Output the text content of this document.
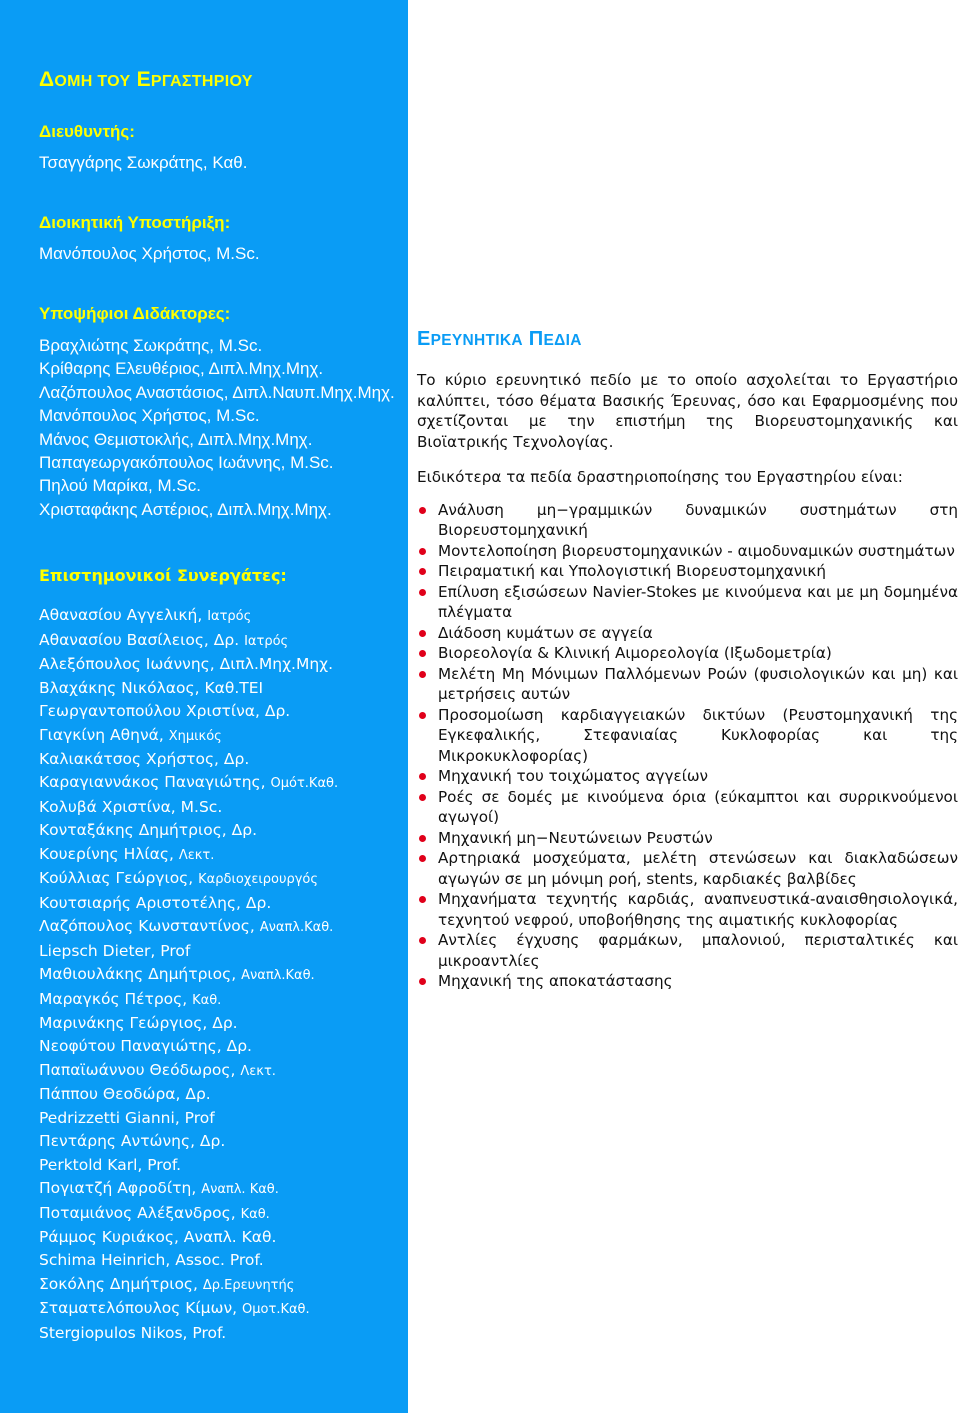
ΔΟΜΗ ΤΟΥ ΕΡΓΑΣΤΗΡΙΟΥ
Διευθυντής:
Τσαγγάρης Σωκράτης, Καθ.
Διοικητική Υποστήριξη:
Μανόπουλος Χρήστος, M.Sc.
Υποψήφιοι Διδάκτορες:
Βραχλιώτης Σωκράτης, M.Sc.
Κρίθαρης Ελευθέριος, Διπλ.Μηχ.Μηχ.
Λαζόπουλος Αναστάσιος, Διπλ.Ναυπ.Μηχ.Μηχ.
Μανόπουλος Χρήστος, M.Sc.
Μάνος Θεμιστοκλής, Διπλ.Μηχ.Μηχ.
Παπαγεωργακόπουλος Ιωάννης, M.Sc.
Πηλού Μαρίκα, M.Sc.
Χρισταφάκης Αστέριος, Διπλ.Μηχ.Μηχ.
Επιστημονικοί Συνεργάτες:
Αθανασίου Αγγελική, Ιατρός
Αθανασίου Βασίλειος, Δρ. Ιατρός
Αλεξόπουλος Ιωάννης, Διπλ.Μηχ.Μηχ.
Βλαχάκης Νικόλαος, Καθ.ΤΕΙ
Γεωργαντοπούλου Χριστίνα, Δρ.
Γιαγκίνη Αθηνά, Χημικός
Καλιακάτσος Χρήστος, Δρ.
Καραγιαννάκος Παναγιώτης, Ομότ.Καθ.
Κολυβά Χριστίνα, M.Sc.
Κονταξάκης Δημήτριος, Δρ.
Κουερίνης Ηλίας, Λεκτ.
Κούλλιας Γεώργιος, Καρδιοχειρουργός
Κουτσιαρής Αριστοτέλης, Δρ.
Λαζόπουλος Κωνσταντίνος, Αναπλ.Καθ.
Liepsch Dieter, Prof
Μαθιουλάκης Δημήτριος, Αναπλ.Καθ.
Μαραγκός Πέτρος, Καθ.
Μαρινάκης Γεώργιος, Δρ.
Νεοφύτου Παναγιώτης, Δρ.
Παπαϊωάννου Θεόδωρος, Λεκτ.
Πάππου Θεοδώρα, Δρ.
Pedrizzetti Gianni, Prof
Πεντάρης Αντώνης, Δρ.
Perktold Karl, Prof.
Πογιατζή Αφροδίτη, Αναπλ. Καθ.
Ποταμιάνος Αλέξανδρος, Καθ.
Ράμμος Κυριάκος, Αναπλ. Καθ.
Schima Heinrich, Assoc. Prof.
Σοκόλης Δημήτριος, Δρ.Ερευνητής
Σταματελόπουλος Κίμων, Ομοτ.Καθ.
Stergiopulos Nikos, Prof.
ΕΡΕΥΝΗΤΙΚΑ ΠΕΔΙΑ
Το κύριο ερευνητικό πεδίο με το οποίο ασχολείται το Εργαστήριο καλύπτει, τόσο θέματα Βασικής Έρευνας, όσο και Εφαρμοσμένης που σχετίζονται με την επιστήμη της Βιορευστομηχανικής και Βιοϊατρικής Τεχνολογίας.
Ειδικότερα τα πεδία δραστηριοποίησης του Εργαστηρίου είναι:
Ανάλυση μη−γραμμικών δυναμικών συστημάτων στη Βιορευστομηχανική
Μοντελοποίηση βιορευστομηχανικών - αιμοδυναμικών συστημάτων
Πειραματική και Υπολογιστική Βιορευστομηχανική
Επίλυση εξισώσεων Navier-Stokes με κινούμενα και με μη δομημένα πλέγματα
Διάδοση κυμάτων σε αγγεία
Βιορεολογία & Κλινική Αιμορεολογία (Ιξωδομετρία)
Μελέτη Μη Μόνιμων Παλλόμενων Ροών (φυσιολογικών και μη) και μετρήσεις αυτών
Προσομοίωση καρδιαγγειακών δικτύων (Ρευστομηχανική της Εγκεφαλικής, Στεφανιαίας Κυκλοφορίας και της Μικροκυκλοφορίας)
Μηχανική του τοιχώματος αγγείων
Ροές σε δομές με κινούμενα όρια (εύκαμπτοι και συρρικνούμενοι αγωγοί)
Μηχανική μη−Νευτώνειων Ρευστών
Αρτηριακά μοσχεύματα, μελέτη στενώσεων και διακλαδώσεων αγωγών σε μη μόνιμη ροή, stents, καρδιακές βαλβίδες
Μηχανήματα τεχνητής καρδιάς, αναπνευστικά-αναισθησιολογικά, τεχνητού νεφρού, υποβοήθησης της αιματικής κυκλοφορίας
Αντλίες έγχυσης φαρμάκων, μπαλονιού, περισταλτικές και μικροαντλίες
Μηχανική της αποκατάστασης
